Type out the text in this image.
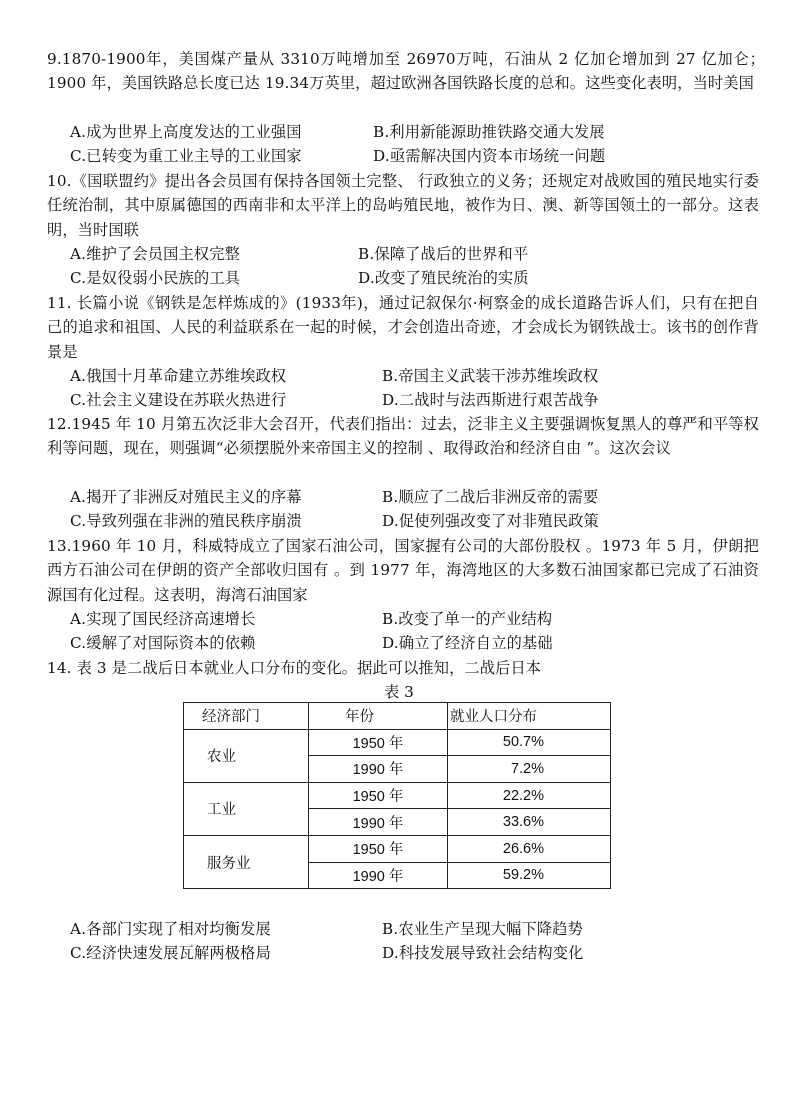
9.1870-1900年，美国煤产量从 3310万吨增加至 26970万吨，石油从 2 亿加仑增加到 27 亿加仑；1900 年，美国铁路总长度已达 19.34万英里，超过欧洲各国铁路长度的总和。这些变化表明，当时美国
A.成为世界上高度发达的工业强国	B.利用新能源助推铁路交通大发展
C.已转变为重工业主导的工业国家	D.亟需解决国内资本市场统一问题
10.《国联盟约》提出各会员国有保持各国领土完整、 行政独立的义务；还规定对战败国的殖民地实行委任统治制，其中原属德国的西南非和太平洋上的岛屿殖民地，被作为日、澳、新等国领土的一部分。这表明，当时国联
A.维护了会员国主权完整	B.保障了战后的世界和平
C.是奴役弱小民族的工具	D.改变了殖民统治的实质
11. 长篇小说《钢铁是怎样炼成的》(1933年)，通过记叙保尔·柯察金的成长道路告诉人们，只有在把自己的追求和祖国、人民的利益联系在一起的时候，才会创造出奇迹，才会成长为钢铁战士。该书的创作背景是
A.俄国十月革命建立苏维埃政权	B.帝国主义武装干涉苏维埃政权
C.社会主义建设在苏联火热进行	D.二战时与法西斯进行艰苦战争
12.1945 年 10 月第五次泛非大会召开，代表们指出：过去，泛非主义主要强调恢复黑人的尊严和平等权利等问题，现在，则强调“必须摆脱外来帝国主义的控制 、取得政治和经济自由 ”。这次会议
A.揭开了非洲反对殖民主义的序幕	B.顺应了二战后非洲反帝的需要
C.导致列强在非洲的殖民秩序崩溃	D.促使列强改变了对非殖民政策
13.1960 年 10 月，科威特成立了国家石油公司，国家握有公司的大部份股权 。1973 年 5 月，伊朗把西方石油公司在伊朗的资产全部收归国有 。到 1977 年，海湾地区的大多数石油国家都已完成了石油资源国有化过程。这表明，海湾石油国家
A.实现了国民经济高速增长	B.改变了单一的产业结构
C.缓解了对国际资本的依赖	D.确立了经济自立的基础
14. 表 3 是二战后日本就业人口分布的变化。据此可以推知，二战后日本
表 3
经济部门	年份	就业人口分布
农业	1950 年	50.7%
	1990 年	7.2%
工业	1950 年	22.2%
	1990 年	33.6%
服务业	1950 年	26.6%
	1990 年	59.2%
A.各部门实现了相对均衡发展	B.农业生产呈现大幅下降趋势
C.经济快速发展瓦解两极格局	D.科技发展导致社会结构变化
